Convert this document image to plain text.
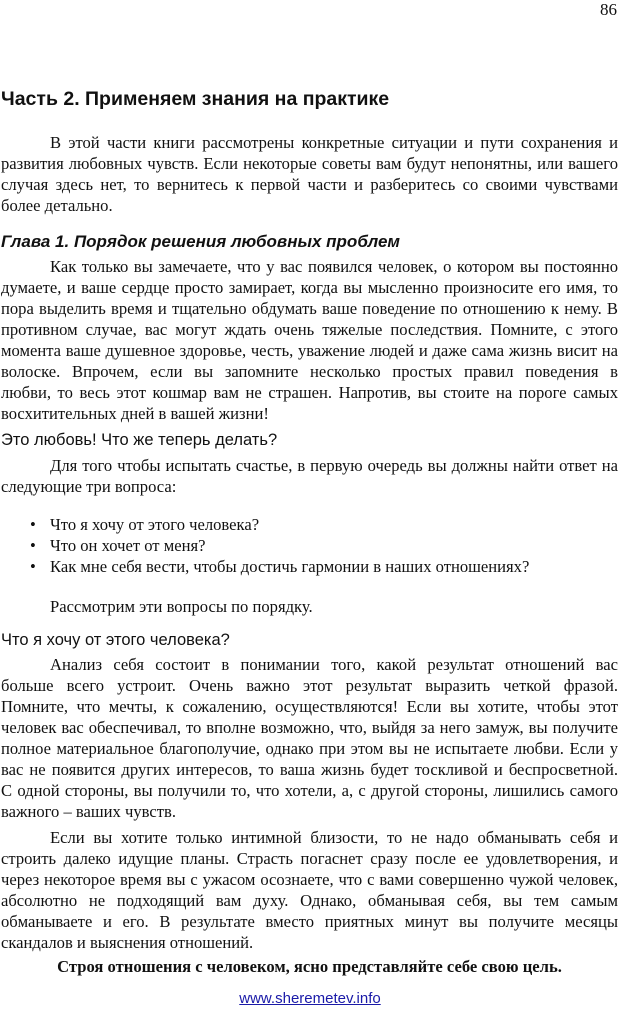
86
Часть 2. Применяем знания на практике
В этой части книги рассмотрены конкретные ситуации и пути сохранения и
развития любовных чувств. Если некоторые советы вам будут непонятны, или вашего
случая здесь нет, то вернитесь к первой части и разберитесь со своими чувствами
более детально.
Глава 1. Порядок решения любовных проблем
Как только вы замечаете, что у вас появился человек, о котором вы постоянно
думаете, и ваше сердце просто замирает, когда вы мысленно произносите его имя, то
пора выделить время и тщательно обдумать ваше поведение по отношению к нему. В
противном случае, вас могут ждать очень тяжелые последствия. Помните, с этого
момента ваше душевное здоровье, честь, уважение людей и даже сама жизнь висит на
волоске. Впрочем, если вы запомните несколько простых правил поведения в
любви, то весь этот кошмар вам не страшен. Напротив, вы стоите на пороге самых
восхитительных дней в вашей жизни!
Это любовь! Что же теперь делать?
Для того чтобы испытать счастье, в первую очередь вы должны найти ответ на
следующие три вопроса:
• Что я хочу от этого человека?
• Что он хочет от меня?
• Как мне себя вести, чтобы достичь гармонии в наших отношениях?
Рассмотрим эти вопросы по порядку.
Что я хочу от этого человека?
Анализ себя состоит в понимании того, какой результат отношений вас
больше всего устроит. Очень важно этот результат выразить четкой фразой.
Помните, что мечты, к сожалению, осуществляются! Если вы хотите, чтобы этот
человек вас обеспечивал, то вполне возможно, что, выйдя за него замуж, вы получите
полное материальное благополучие, однако при этом вы не испытаете любви. Если у
вас не появится других интересов, то ваша жизнь будет тоскливой и беспросветной.
С одной стороны, вы получили то, что хотели, а, с другой стороны, лишились самого
важного – ваших чувств.
Если вы хотите только интимной близости, то не надо обманывать себя и
строить далеко идущие планы. Страсть погаснет сразу после ее удовлетворения, и
через некоторое время вы с ужасом осознаете, что с вами совершенно чужой человек,
абсолютно не подходящий вам духу. Однако, обманывая себя, вы тем самым
обманываете и его. В результате вместо приятных минут вы получите месяцы
скандалов и выяснения отношений.
Строя отношения с человеком, ясно представляйте себе свою цель.
www.sheremetev.info
